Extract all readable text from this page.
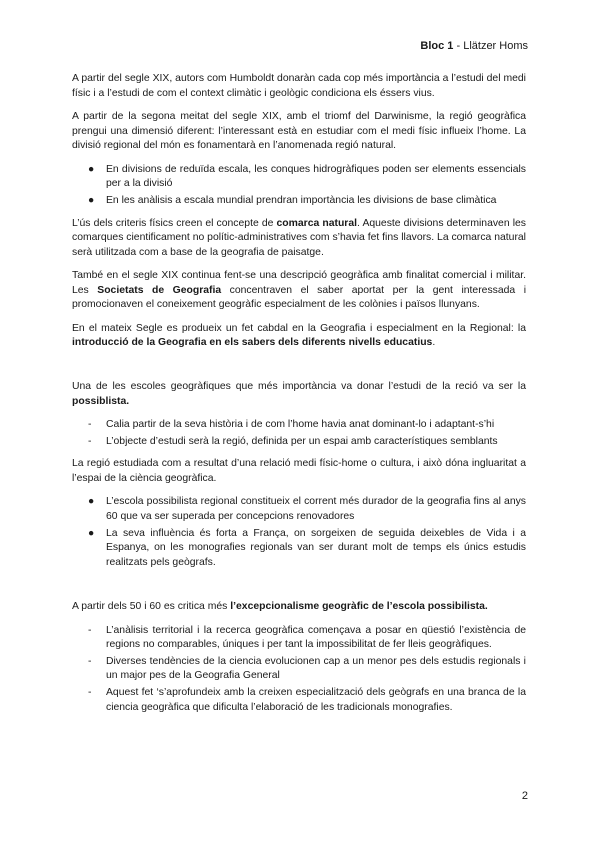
Bloc 1 - Llätzer Homs

A partir del segle XIX, autors com Humboldt donaràn cada cop més importància a l’estudi del medi físic i a l’estudi de com el context climàtic i geològic condiciona els éssers vius.

A partir de la segona meitat del segle XIX, amb el triomf del Darwinisme, la regió geogràfica prengui una dimensió diferent: l’interessant està en estudiar com el medi físic influeix l’home. La divisió regional del món es fonamentarà en l’anomenada regió natural.

● En divisions de reduïda escala, les conques hidrogràfiques poden ser elements essencials per a la divisió
● En les anàlisis a escala mundial prendran importància les divisions de base climàtica

L’ús dels criteris físics creen el concepte de comarca natural. Aqueste divisions determinaven les comarques cientificament no polític-administratives com s’havia fet fins llavors. La comarca natural serà utilitzada com a base de la geografia de paisatge.

També en el segle XIX continua fent-se una descripció geogràfica amb finalitat comercial i militar. Les Societats de Geografia concentraven el saber aportat per la gent interessada i promocionaven el coneixement geogràfic especialment de les colònies i països llunyans.

En el mateix Segle es produeix un fet cabdal en la Geografia i especialment en la Regional: la introducció de la Geografia en els sabers dels diferents nivells educatius.

Una de les escoles geogràfiques que més importància va donar l’estudi de la reció va ser la possiblista.

- Calia partir de la seva història i de com l’home havia anat dominant-lo i adaptant-s’hi
- L’objecte d’estudi serà la regió, definida per un espai amb característiques semblants

La regió estudiada com a resultat d’una relació medi físic-home o cultura, i això dóna ingluaritat a l’espai de la ciència geogràfica.

● L’escola possibilista regional constitueix el corrent més durador de la geografia fins al anys 60 que va ser superada per concepcions renovadores
● La seva influència és forta a França, on sorgeixen de seguida deixebles de Vida i a Espanya, on les monografies regionals van ser durant molt de temps els únics estudis realitzats pels geògrafs.

A partir dels 50 i 60 es critica més l’excepcionalisme geogràfic de l’escola possibilista.

- L’anàlisis territorial i la recerca geogràfica començava a posar en qüestió l’existència de regions no comparables, úniques i per tant la impossibilitat de fer lleis geogràfiques.
- Diverses tendències de la ciencia evolucionen cap a un menor pes dels estudis regionals i un major pes de la Geografia General
- Aquest fet ‘s’aprofundeix amb la creixen especialització dels geògrafs en una branca de la ciencia geogràfica que dificulta l’elaboració de les tradicionals monografies.
2
